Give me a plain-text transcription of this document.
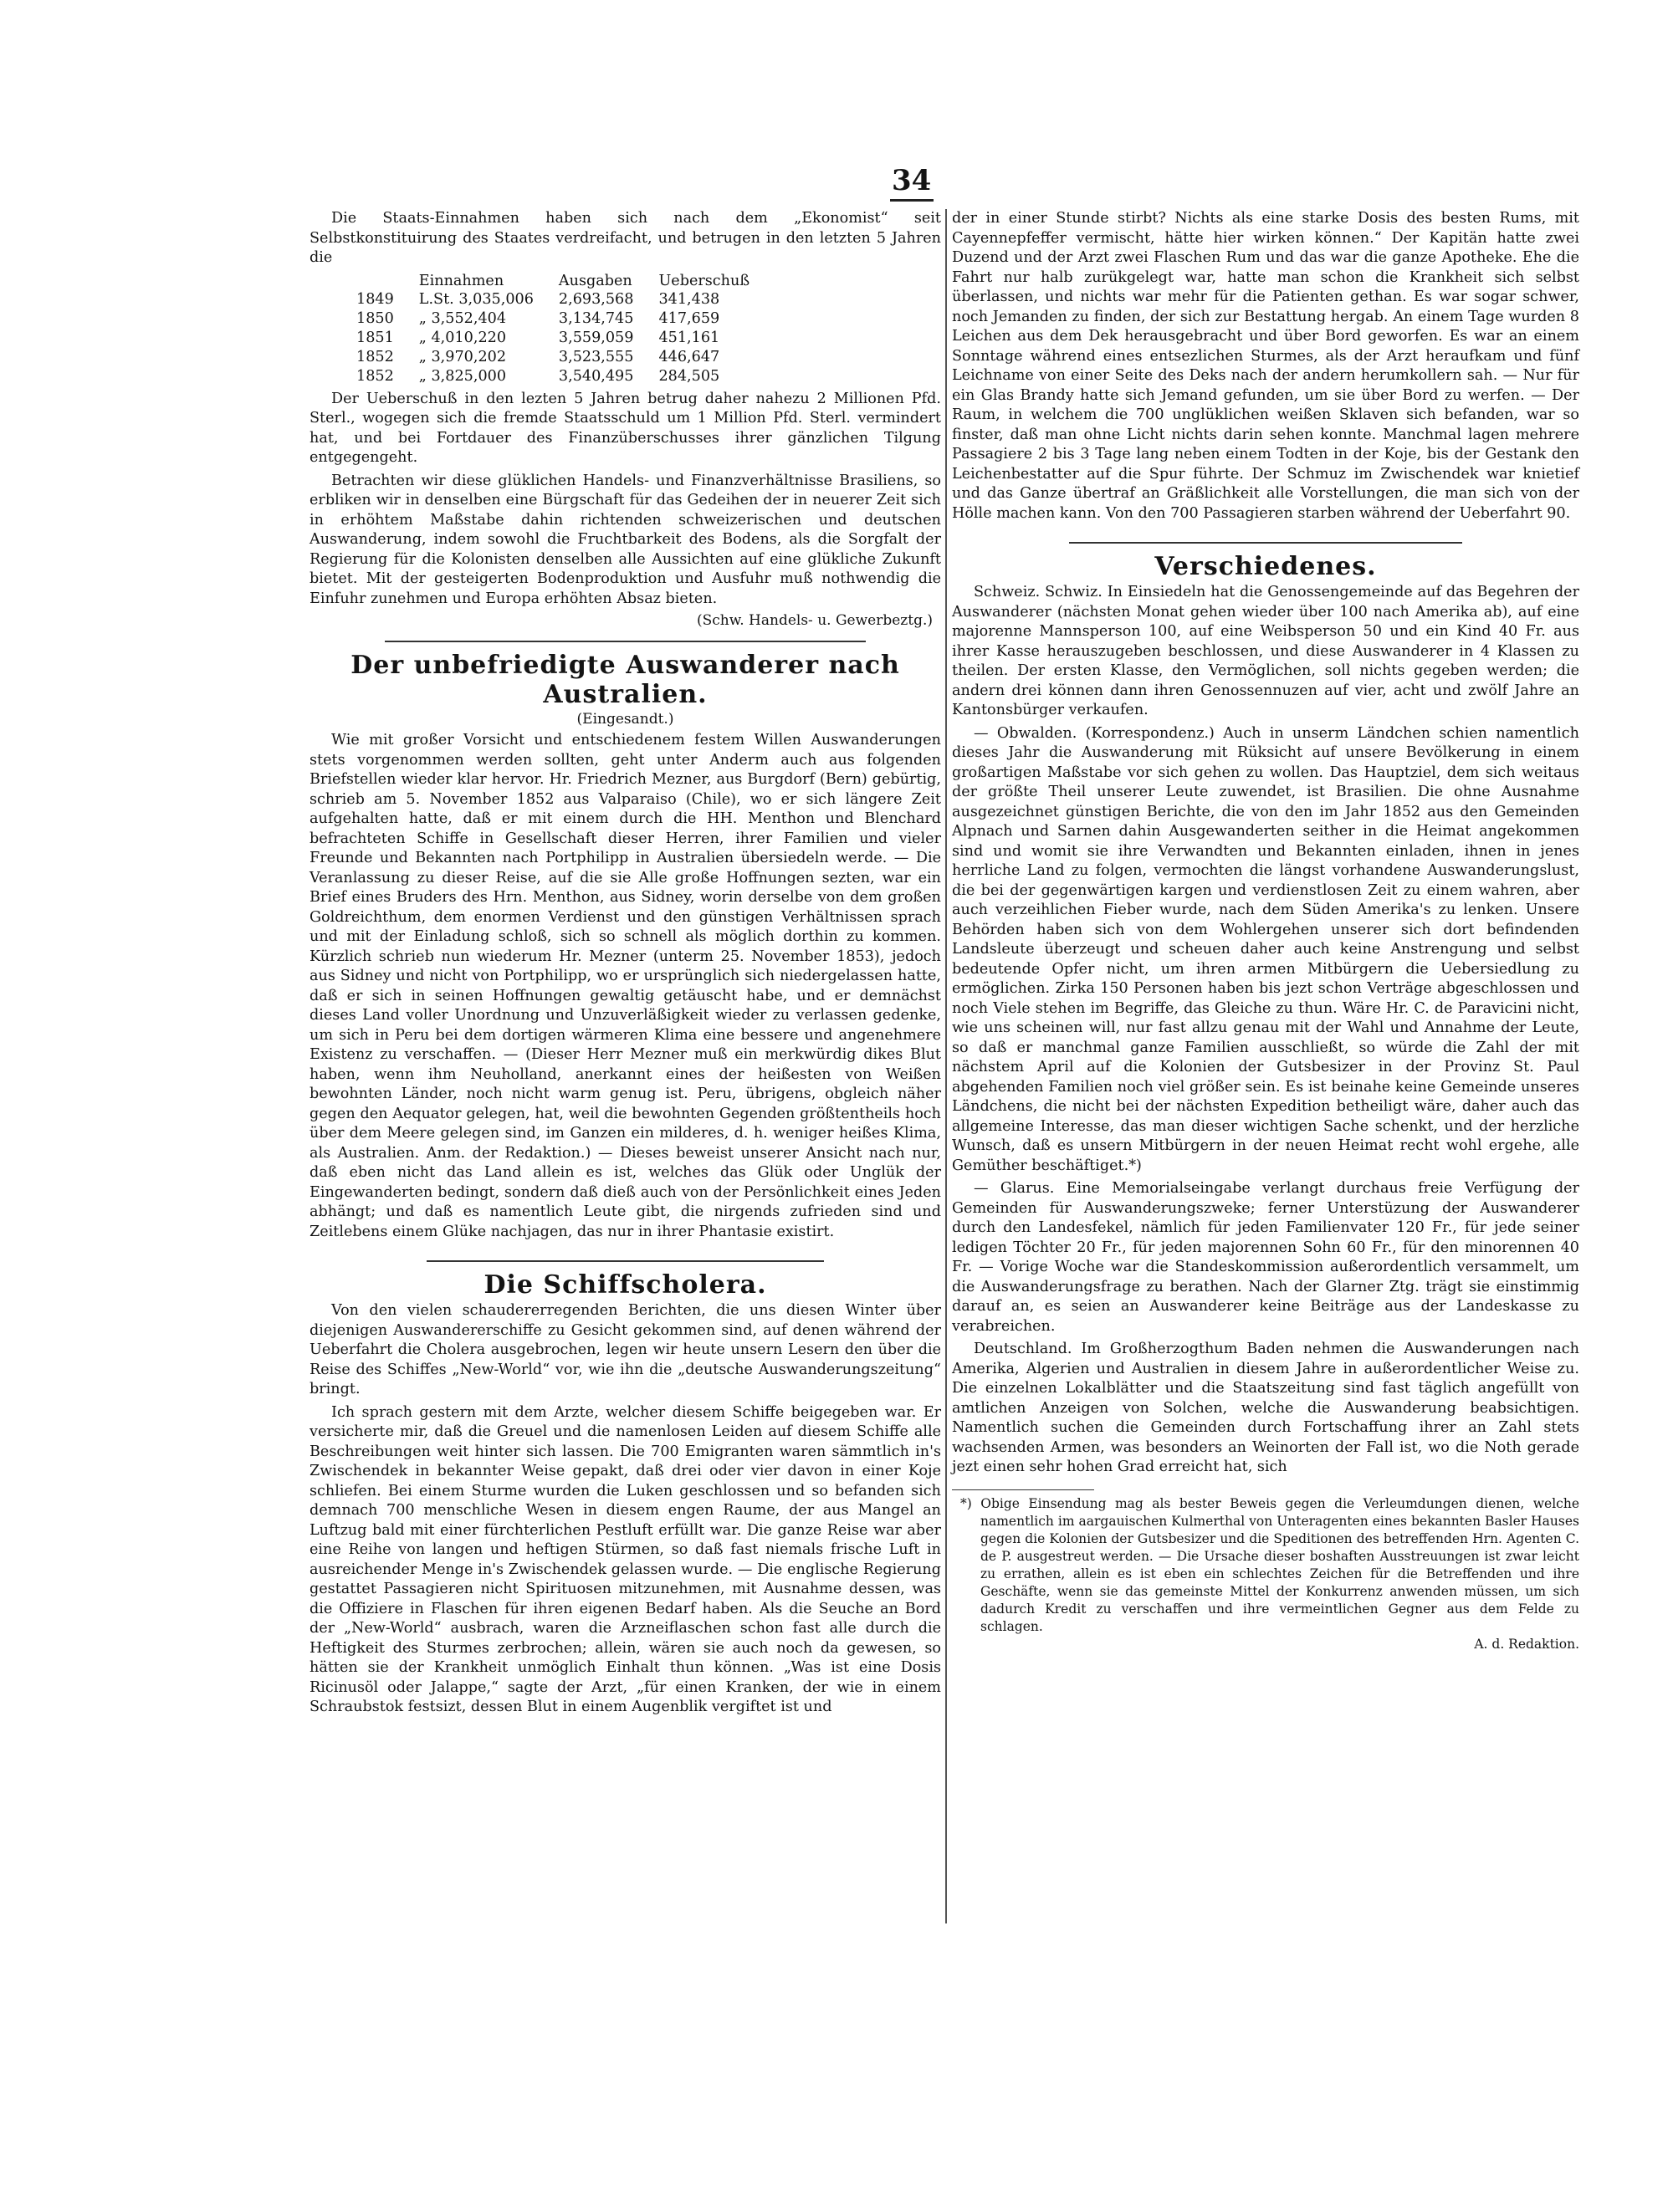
34

Die Staats-Einnahmen haben sich nach dem „Ekonomist“ seit Selbstkonstituirung des Staates verdreifacht, und betrugen in den letzten 5 Jahren die

	Einnahmen	Ausgaben	Ueberschuß
1849	L.St. 3,035,006	2,693,568	341,438
1850	„ 3,552,404	3,134,745	417,659
1851	„ 4,010,220	3,559,059	451,161
1852	„ 3,970,202	3,523,555	446,647
1852	„ 3,825,000	3,540,495	284,505

Der Ueberschuß in den lezten 5 Jahren betrug daher nahezu 2 Millionen Pfd. Sterl., wogegen sich die fremde Staatsschuld um 1 Million Pfd. Sterl. vermindert hat, und bei Fortdauer des Finanzüberschusses ihrer gänzlichen Tilgung entgegengeht.

Betrachten wir diese glüklichen Handels- und Finanzverhältnisse Brasiliens, so erbliken wir in denselben eine Bürgschaft für das Gedeihen der in neuerer Zeit sich in erhöhtem Maßstabe dahin richtenden schweizerischen und deutschen Auswanderung, indem sowohl die Fruchtbarkeit des Bodens, als die Sorgfalt der Regierung für die Kolonisten denselben alle Aussichten auf eine glükliche Zukunft bietet. Mit der gesteigerten Bodenproduktion und Ausfuhr muß nothwendig die Einfuhr zunehmen und Europa erhöhten Absaz bieten.

(Schw. Handels- u. Gewerbeztg.)
Der unbefriedigte Auswanderer nach Australien.
(Eingesandt.)

Wie mit großer Vorsicht und entschiedenem festem Willen Auswanderungen stets vorgenommen werden sollten, geht unter Anderm auch aus folgenden Briefstellen wieder klar hervor. Hr. Friedrich Mezner, aus Burgdorf (Bern) gebürtig, schrieb am 5. November 1852 aus Valparaiso (Chile), wo er sich längere Zeit aufgehalten hatte, daß er mit einem durch die HH. Menthon und Blenchard befrachteten Schiffe in Gesellschaft dieser Herren, ihrer Familien und vieler Freunde und Bekannten nach Portphilipp in Australien übersiedeln werde. — Die Veranlassung zu dieser Reise, auf die sie Alle große Hoffnungen sezten, war ein Brief eines Bruders des Hrn. Menthon, aus Sidney, worin derselbe von dem großen Goldreichthum, dem enormen Verdienst und den günstigen Verhältnissen sprach und mit der Einladung schloß, sich so schnell als möglich dorthin zu kommen. Kürzlich schrieb nun wiederum Hr. Mezner (unterm 25. November 1853), jedoch aus Sidney und nicht von Portphilipp, wo er ursprünglich sich niedergelassen hatte, daß er sich in seinen Hoffnungen gewaltig getäuscht habe, und er demnächst dieses Land voller Unordnung und Unzuverläßigkeit wieder zu verlassen gedenke, um sich in Peru bei dem dortigen wärmeren Klima eine bessere und angenehmere Existenz zu verschaffen. — (Dieser Herr Mezner muß ein merkwürdig dikes Blut haben, wenn ihm Neuholland, anerkannt eines der heißesten von Weißen bewohnten Länder, noch nicht warm genug ist. Peru, übrigens, obgleich näher gegen den Aequator gelegen, hat, weil die bewohnten Gegenden größtentheils hoch über dem Meere gelegen sind, im Ganzen ein milderes, d. h. weniger heißes Klima, als Australien. Anm. der Redaktion.) — Dieses beweist unserer Ansicht nach nur, daß eben nicht das Land allein es ist, welches das Glük oder Unglük der Eingewanderten bedingt, sondern daß dieß auch von der Persönlichkeit eines Jeden abhängt; und daß es namentlich Leute gibt, die nirgends zufrieden sind und Zeitlebens einem Glüke nachjagen, das nur in ihrer Phantasie existirt.

Die Schiffscholera.

Von den vielen schaudererregenden Berichten, die uns diesen Winter über diejenigen Auswandererschiffe zu Gesicht gekommen sind, auf denen während der Ueberfahrt die Cholera ausgebrochen, legen wir heute unsern Lesern den über die Reise des Schiffes „New-World“ vor, wie ihn die „deutsche Auswanderungszeitung“ bringt.

Ich sprach gestern mit dem Arzte, welcher diesem Schiffe beigegeben war. Er versicherte mir, daß die Greuel und die namenlosen Leiden auf diesem Schiffe alle Beschreibungen weit hinter sich lassen. Die 700 Emigranten waren sämmtlich in's Zwischendek in bekannter Weise gepakt, daß drei oder vier davon in einer Koje schliefen. Bei einem Sturme wurden die Luken geschlossen und so befanden sich demnach 700 menschliche Wesen in diesem engen Raume, der aus Mangel an Luftzug bald mit einer fürchterlichen Pestluft erfüllt war. Die ganze Reise war aber eine Reihe von langen und heftigen Stürmen, so daß fast niemals frische Luft in ausreichender Menge in's Zwischendek gelassen wurde. — Die englische Regierung gestattet Passagieren nicht Spirituosen mitzunehmen, mit Ausnahme dessen, was die Offiziere in Flaschen für ihren eigenen Bedarf haben. Als die Seuche an Bord der „New-World“ ausbrach, waren die Arzneiflaschen schon fast alle durch die Heftigkeit des Sturmes zerbrochen; allein, wären sie auch noch da gewesen, so hätten sie der Krankheit unmöglich Einhalt thun können. „Was ist eine Dosis Ricinusöl oder Jalappe,“ sagte der Arzt, „für einen Kranken, der wie in einem Schraubstok festsizt, dessen Blut in einem Augenblik vergiftet ist und

der in einer Stunde stirbt? Nichts als eine starke Dosis des besten Rums, mit Cayennepfeffer vermischt, hätte hier wirken können.“ Der Kapitän hatte zwei Duzend und der Arzt zwei Flaschen Rum und das war die ganze Apotheke. Ehe die Fahrt nur halb zurükgelegt war, hatte man schon die Krankheit sich selbst überlassen, und nichts war mehr für die Patienten gethan. Es war sogar schwer, noch Jemanden zu finden, der sich zur Bestattung hergab. An einem Tage wurden 8 Leichen aus dem Dek herausgebracht und über Bord geworfen. Es war an einem Sonntage während eines entsezlichen Sturmes, als der Arzt heraufkam und fünf Leichname von einer Seite des Deks nach der andern herumkollern sah. — Nur für ein Glas Brandy hatte sich Jemand gefunden, um sie über Bord zu werfen. — Der Raum, in welchem die 700 unglüklichen weißen Sklaven sich befanden, war so finster, daß man ohne Licht nichts darin sehen konnte. Manchmal lagen mehrere Passagiere 2 bis 3 Tage lang neben einem Todten in der Koje, bis der Gestank den Leichenbestatter auf die Spur führte. Der Schmuz im Zwischendek war knietief und das Ganze übertraf an Gräßlichkeit alle Vorstellungen, die man sich von der Hölle machen kann. Von den 700 Passagieren starben während der Ueberfahrt 90.

Verschiedenes.

Schweiz. Schwiz. In Einsiedeln hat die Genossengemeinde auf das Begehren der Auswanderer (nächsten Monat gehen wieder über 100 nach Amerika ab), auf eine majorenne Mannsperson 100, auf eine Weibsperson 50 und ein Kind 40 Fr. aus ihrer Kasse herauszugeben beschlossen, und diese Auswanderer in 4 Klassen zu theilen. Der ersten Klasse, den Vermöglichen, soll nichts gegeben werden; die andern drei können dann ihren Genossennuzen auf vier, acht und zwölf Jahre an Kantonsbürger verkaufen.

— Obwalden. (Korrespondenz.) Auch in unserm Ländchen schien namentlich dieses Jahr die Auswanderung mit Rüksicht auf unsere Bevölkerung in einem großartigen Maßstabe vor sich gehen zu wollen. Das Hauptziel, dem sich weitaus der größte Theil unserer Leute zuwendet, ist Brasilien. Die ohne Ausnahme ausgezeichnet günstigen Berichte, die von den im Jahr 1852 aus den Gemeinden Alpnach und Sarnen dahin Ausgewanderten seither in die Heimat angekommen sind und womit sie ihre Verwandten und Bekannten einladen, ihnen in jenes herrliche Land zu folgen, vermochten die längst vorhandene Auswanderungslust, die bei der gegenwärtigen kargen und verdienstlosen Zeit zu einem wahren, aber auch verzeihlichen Fieber wurde, nach dem Süden Amerika's zu lenken. Unsere Behörden haben sich von dem Wohlergehen unserer sich dort befindenden Landsleute überzeugt und scheuen daher auch keine Anstrengung und selbst bedeutende Opfer nicht, um ihren armen Mitbürgern die Uebersiedlung zu ermöglichen. Zirka 150 Personen haben bis jezt schon Verträge abgeschlossen und noch Viele stehen im Begriffe, das Gleiche zu thun. Wäre Hr. C. de Paravicini nicht, wie uns scheinen will, nur fast allzu genau mit der Wahl und Annahme der Leute, so daß er manchmal ganze Familien ausschließt, so würde die Zahl der mit nächstem April auf die Kolonien der Gutsbesizer in der Provinz St. Paul abgehenden Familien noch viel größer sein. Es ist beinahe keine Gemeinde unseres Ländchens, die nicht bei der nächsten Expedition betheiligt wäre, daher auch das allgemeine Interesse, das man dieser wichtigen Sache schenkt, und der herzliche Wunsch, daß es unsern Mitbürgern in der neuen Heimat recht wohl ergehe, alle Gemüther beschäftiget.*)

— Glarus. Eine Memorialseingabe verlangt durchaus freie Verfügung der Gemeinden für Auswanderungszweke; ferner Unterstüzung der Auswanderer durch den Landesfekel, nämlich für jeden Familienvater 120 Fr., für jede seiner ledigen Töchter 20 Fr., für jeden majorennen Sohn 60 Fr., für den minorennen 40 Fr. — Vorige Woche war die Standeskommission außerordentlich versammelt, um die Auswanderungsfrage zu berathen. Nach der Glarner Ztg. trägt sie einstimmig darauf an, es seien an Auswanderer keine Beiträge aus der Landeskasse zu verabreichen.

Deutschland. Im Großherzogthum Baden nehmen die Auswanderungen nach Amerika, Algerien und Australien in diesem Jahre in außerordentlicher Weise zu. Die einzelnen Lokalblätter und die Staatszeitung sind fast täglich angefüllt von amtlichen Anzeigen von Solchen, welche die Auswanderung beabsichtigen. Namentlich suchen die Gemeinden durch Fortschaffung ihrer an Zahl stets wachsenden Armen, was besonders an Weinorten der Fall ist, wo die Noth gerade jezt einen sehr hohen Grad erreicht hat, sich

*) Obige Einsendung mag als bester Beweis gegen die Verleumdungen dienen, welche namentlich im aargauischen Kulmerthal von Unteragenten eines bekannten Basler Hauses gegen die Kolonien der Gutsbesizer und die Speditionen des betreffenden Hrn. Agenten C. de P. ausgestreut werden. — Die Ursache dieser boshaften Ausstreuungen ist zwar leicht zu errathen, allein es ist eben ein schlechtes Zeichen für die Betreffenden und ihre Geschäfte, wenn sie das gemeinste Mittel der Konkurrenz anwenden müssen, um sich dadurch Kredit zu verschaffen und ihre vermeintlichen Gegner aus dem Felde zu schlagen.
A. d. Redaktion.
